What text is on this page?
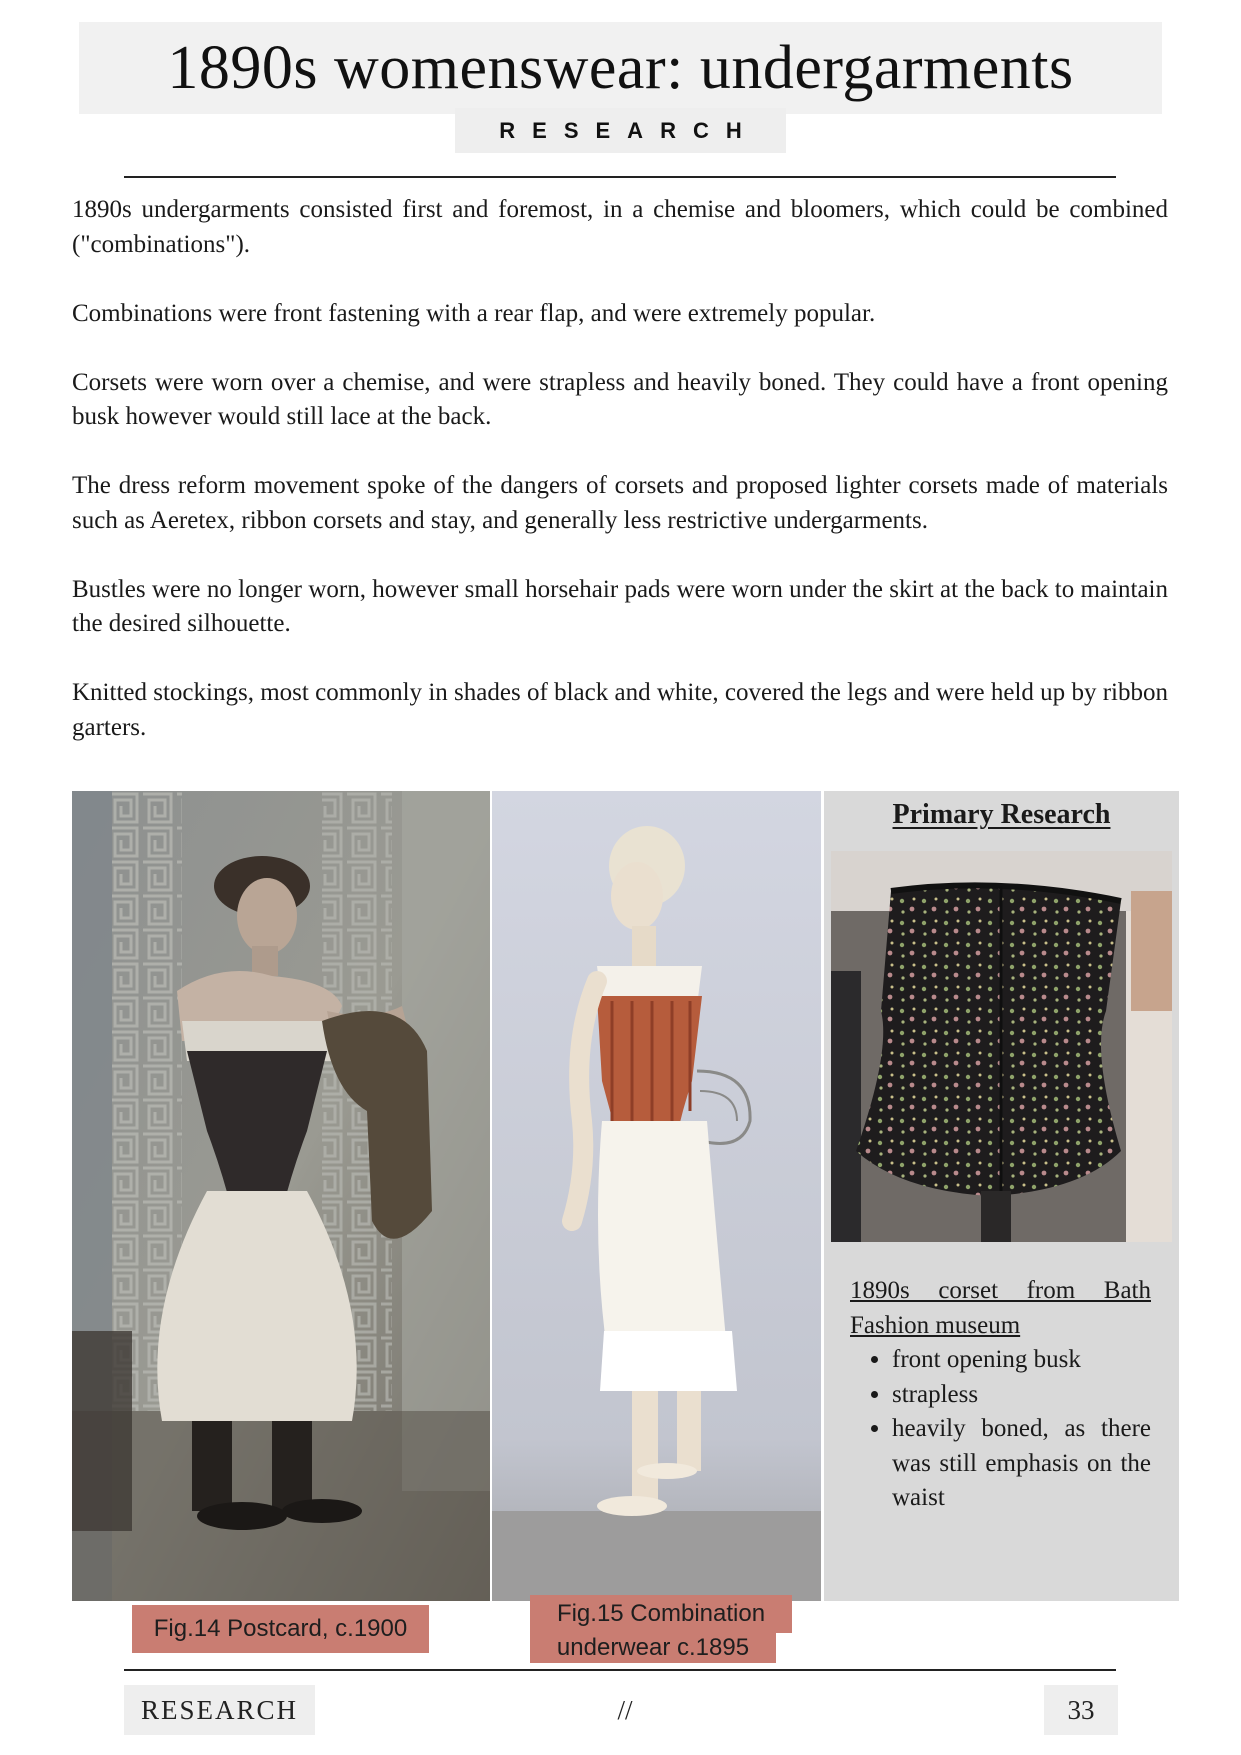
1890s womenswear: undergarments
RESEARCH

1890s undergarments consisted first and foremost, in a chemise and bloomers, which could be combined ("combinations").

Combinations were front fastening with a rear flap, and were extremely popular.

Corsets were worn over a chemise, and were strapless and heavily boned. They could have a front opening busk however would still lace at the back.

The dress reform movement spoke of the dangers of corsets and proposed lighter corsets made of materials such as Aeretex, ribbon corsets and stay, and generally less restrictive undergarments.

Bustles were no longer worn, however small horsehair pads were worn under the skirt at the back to maintain the desired silhouette.

Knitted stockings, most commonly in shades of black and white, covered the legs and were held up by ribbon garters.

Primary Research
1890s corset from Bath Fashion museum
• front opening busk
• strapless
• heavily boned, as there was still emphasis on the waist
Fig.14 Postcard, c.1900
Fig.15 Combination
underwear c.1895
RESEARCH	//	33
